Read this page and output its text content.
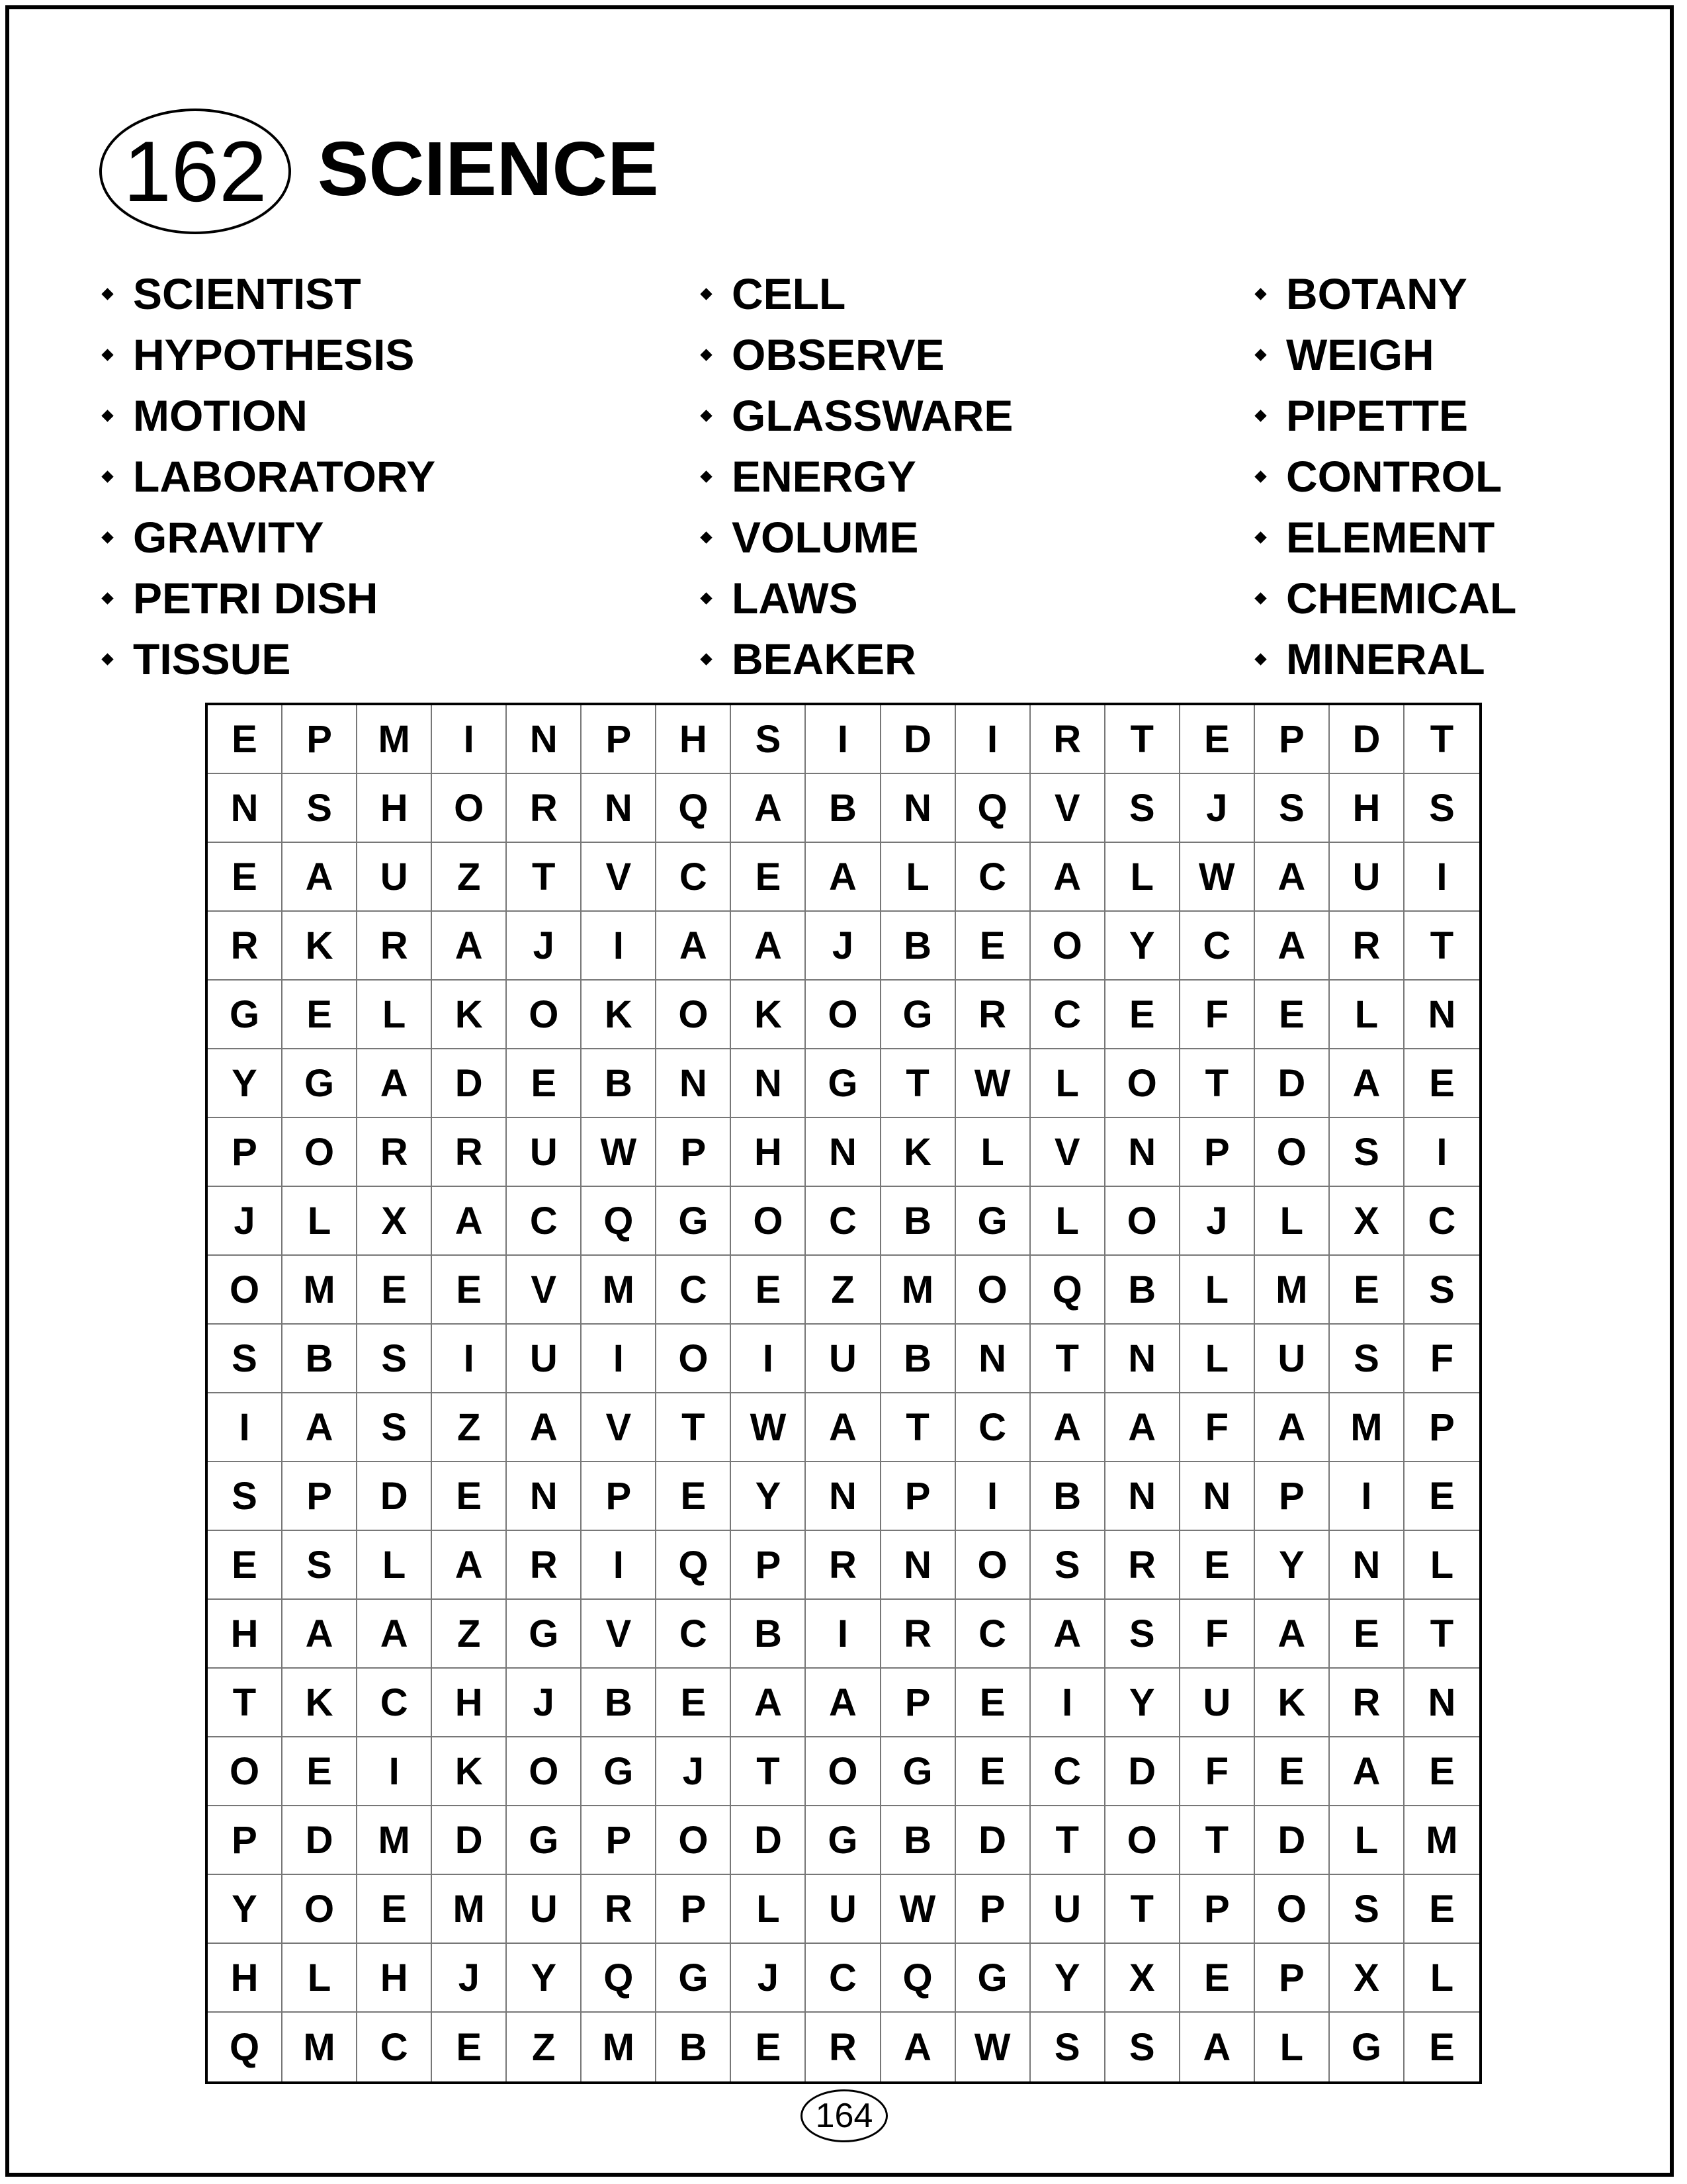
162 SCIENCE
SCIENTIST
HYPOTHESIS
MOTION
LABORATORY
GRAVITY
PETRI DISH
TISSUE
CELL
OBSERVE
GLASSWARE
ENERGY
VOLUME
LAWS
BEAKER
BOTANY
WEIGH
PIPETTE
CONTROL
ELEMENT
CHEMICAL
MINERAL
E	P	M	I	N	P	H	S	I	D	I	R	T	E	P	D	T
N	S	H	O	R	N	Q	A	B	N	Q	V	S	J	S	H	S
E	A	U	Z	T	V	C	E	A	L	C	A	L	W	A	U	I
R	K	R	A	J	I	A	A	J	B	E	O	Y	C	A	R	T
G	E	L	K	O	K	O	K	O	G	R	C	E	F	E	L	N
Y	G	A	D	E	B	N	N	G	T	W	L	O	T	D	A	E
P	O	R	R	U	W	P	H	N	K	L	V	N	P	O	S	I
J	L	X	A	C	Q	G	O	C	B	G	L	O	J	L	X	C
O	M	E	E	V	M	C	E	Z	M	O	Q	B	L	M	E	S
S	B	S	I	U	I	O	I	U	B	N	T	N	L	U	S	F
I	A	S	Z	A	V	T	W	A	T	C	A	A	F	A	M	P
S	P	D	E	N	P	E	Y	N	P	I	B	N	N	P	I	E
E	S	L	A	R	I	Q	P	R	N	O	S	R	E	Y	N	L
H	A	A	Z	G	V	C	B	I	R	C	A	S	F	A	E	T
T	K	C	H	J	B	E	A	A	P	E	I	Y	U	K	R	N
O	E	I	K	O	G	J	T	O	G	E	C	D	F	E	A	E
P	D	M	D	G	P	O	D	G	B	D	T	O	T	D	L	M
Y	O	E	M	U	R	P	L	U	W	P	U	T	P	O	S	E
H	L	H	J	Y	Q	G	J	C	Q	G	Y	X	E	P	X	L
Q	M	C	E	Z	M	B	E	R	A	W	S	S	A	L	G	E
164
